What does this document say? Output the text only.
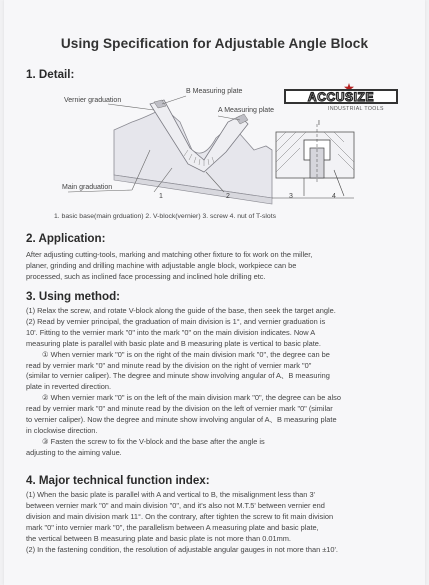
Using Specification for Adjustable Angle Block
1. Detail:
ACCUSIZE
INDUSTRIAL TOOLS
B Measuring plate
Vernier graduation
A Measuring plate
Main graduation
I
1	2	3	4
1. basic base(main grduation) 2. V-block(vernier) 3. screw 4. nut of T-slots
2. Application:

After adjusting cutting-tools, marking and matching other fixture to fix work on the miller,

planer, grinding and drilling machine with adjustable angle block, workpiece can be

processed, such as inclined face processing and inclined hole drilling etc.

3. Using method:

(1) Relax the screw, and rotate V-block along the guide of the base, then seek the target angle.

(2) Read by vernier principal, the graduation of main division is 1°, and vernier graduation is

10'. Fitting to the vernier mark "0" into the mark "0" on the main division indicates. Now A

measuring plate is parallel with basic plate and B measuring plate is vertical to basic plate.

① When vernier mark "0" is on the right of the main division mark "0", the degree can be

read by vernier mark "0" and minute read by the division on the right of vernier mark "0"

(similar to vernier caliper). The degree and minute show involving angular of A、B measuring

plate in reverted direction.

② When vernier mark "0" is on the left of the main division mark "0", the degree can be also

read by vernier mark "0" and minute read by the division on the left of vernier mark "0" (similar

to vernier caliper). Now the degree and minute show involving angular of A、B measuring plate

in clockwise direction.

③ Fasten the screw to fix the V-block and the base after the angle is

adjusting to the aiming value.

4. Major technical function index:

(1) When the basic plate is parallel with A and vertical to B, the misalignment less than 3'

between vernier mark "0" and main division "0", and it's also not M.T.5' between vernier end

division and main division mark 11°. On the contrary, after tighten the screw to fit main division

mark "0" into vernier mark "0", the parallelism between A measuring plate and basic plate,

the vertical between B measuring plate and basic plate is not more than 0.01mm.

(2) In the fastening condition, the resolution of adjustable angular gauges in not more than ±10'.
